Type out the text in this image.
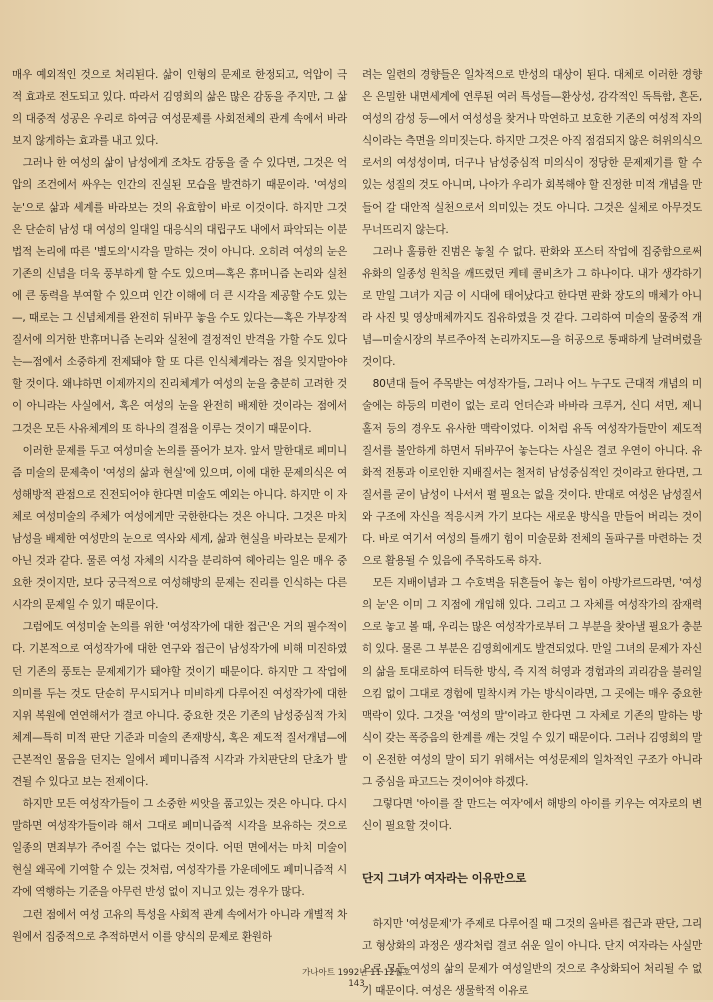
매우 예외적인 것으로 처리된다. 삶이 인형의 문제로 한정되고, 억압이 극적 효과로 전도되고 있다. 따라서 김영희의 삶은 많은 감동을 주지만, 그 삶의 대중적 성공은 우리로 하여금 여성문제를 사회전체의 관계 속에서 바라보지 않게하는 효과를 내고 있다.

그러나 한 여성의 삶이 남성에게 조차도 감동을 줄 수 있다면, 그것은 억압의 조건에서 싸우는 인간의 진실된 모습을 발견하기 때문이라. '여성의 눈'으로 삶과 세계를 바라보는 것의 유효함이 바로 이것이다. 하지만 그것은 단순히 남성 대 여성의 일대일 대응식의 대립구도 내에서 파악되는 이분법적 논리에 따른 '별도의'시각을 말하는 것이 아니다. 오히려 여성의 눈은 기존의 신념을 더욱 풍부하게 할 수도 있으며—혹은 휴머니즘 논리와 실천에 큰 동력을 부여할 수 있으며 인간 이해에 더 큰 시각을 제공할 수도 있는—, 때로는 그 신념체계를 완전히 뒤바꾸 놓을 수도 있다는—혹은 가부장적 질서에 의거한 반휴머니즘 논리와 실천에 결정적인 반격을 가할 수도 있다는—점에서 소중하게 전제돼야 할 또 다른 인식체계라는 점을 잊지말아야 할 것이다. 왜냐하면 이제까지의 진리체계가 여성의 눈을 충분히 고려한 것이 아니라는 사실에서, 혹은 여성의 눈을 완전히 배제한 것이라는 점에서 그것은 모든 사유체계의 또 하나의 결점을 이루는 것이기 때문이다.

이러한 문제를 두고 여성미술 논의를 풀어가 보자. 앞서 말한대로 페미니즘 미술의 문제축이 '여성의 삶과 현실'에 있으며, 이에 대한 문제의식은 여성해방적 관점으로 진전되어야 한다면 미술도 예외는 아니다. 하지만 이 자체로 여성미술의 주체가 여성에게만 국한한다는 것은 아니다. 그것은 마치 남성을 배제한 여성만의 눈으로 역사와 세계, 삶과 현실을 바라보는 문제가 아닌 것과 같다. 물론 여성 자체의 시각을 분리하여 헤아리는 일은 매우 중요한 것이지만, 보다 궁극적으로 여성해방의 문제는 진리를 인식하는 다른 시각의 문제일 수 있기 때문이다.

그럼에도 여성미술 논의를 위한 '여성작가에 대한 접근'은 거의 필수적이다. 기본적으로 여성작가에 대한 연구와 접근이 남성작가에 비해 미진하였던 기존의 풍토는 문제제기가 돼야할 것이기 때문이다. 하지만 그 작업에 의미를 두는 것도 단순히 무시되거나 미비하게 다루어진 여성작가에 대한 지위 복원에 연연해서가 결코 아니다. 중요한 것은 기존의 남성중심적 가치체계—특히 미적 판단 기준과 미술의 존재방식, 혹은 제도적 질서개념—에 근본적인 물음을 던지는 일에서 페미니즘적 시각과 가치판단의 단초가 발견될 수 있다고 보는 전제이다.

하지만 모든 여성작가들이 그 소중한 씨앗을 품고있는 것은 아니다. 다시 말하면 여성작가들이라 해서 그대로 페미니즘적 시각을 보유하는 것으로 일종의 면죄부가 주어질 수는 없다는 것이다. 어떤 면에서는 마치 미술이 현실 왜곡에 기여할 수 있는 것처럼, 여성작가를 가운데에도 페미니즘적 시각에 역행하는 기준을 아무런 반성 없이 지니고 있는 경우가 많다.

그런 점에서 여성 고유의 특성을 사회적 관계 속에서가 아니라 개별적 차원에서 집중적으로 추적하면서 이를 양식의 문제로 환원하

려는 일련의 경향들은 일차적으로 반성의 대상이 된다. 대체로 이러한 경향은 은밀한 내면세계에 연루된 여러 특성들—환상성, 감각적인 독특함, 흔돈, 여성의 감성 등—에서 여성성을 찾거나 막연하고 보호한 기존의 여성적 자의식이라는 측면을 의미짓는다. 하지만 그것은 아직 점검되지 않은 허위의식으로서의 여성성이며, 더구나 남성중심적 미의식이 정당한 문제제기를 할 수 있는 성질의 것도 아니며, 나아가 우리가 회복해야 할 진정한 미적 개념을 만들어 갈 대안적 실천으로서 의미있는 것도 아니다. 그것은 실체로 아무것도 무너뜨리지 않는다.

그러나 훌륭한 진범은 놓칠 수 없다. 판화와 포스터 작업에 집중함으로써 유화의 일종성 원칙을 깨뜨렸던 케테 콜비츠가 그 하나이다. 내가 생각하기로 만일 그녀가 지금 이 시대에 태어났다고 한다면 판화 장도의 매체가 아니라 사진 및 영상매체까지도 집유하였을 것 같다. 그리하여 미술의 물중적 개념—미술시장의 부르주아적 논리까지도—을 허공으로 통패하게 날려버렸을 것이다.

80년대 들어 주목받는 여성작가들, 그러나 어느 누구도 근대적 개념의 미술에는 하등의 미련이 없는 로리 언더슨과 바바라 크루거, 신디 셔먼, 제니 홀저 등의 경우도 유사한 맥락이었다. 이처럼 유독 여성작가들만이 제도적 질서를 불안하게 하면서 뒤바꾸어 놓는다는 사실은 결코 우연이 아니다. 유화적 전통과 이로인한 지배질서는 철저히 남성중심적인 것이라고 한다면, 그 질서를 굳이 남성이 나서서 펼 필요는 없을 것이다. 반대로 여성은 남성질서와 구조에 자신을 적응시켜 가기 보다는 새로운 방식을 만들어 버리는 것이다. 바로 여기서 여성의 틀깨기 힘이 미술문화 전체의 돌파구를 마련하는 것으로 활용될 수 있음에 주목하도록 하자.

모든 지배이념과 그 수호벽을 뒤흔들어 놓는 힘이 아방가르드라면, '여성의 눈'은 이미 그 지점에 개입해 있다. 그리고 그 자체를 여성작가의 잠재력으로 놓고 볼 때, 우리는 많은 여성작가로부터 그 부분을 찾아낼 필요가 충분히 있다. 물론 그 부분은 김영희에게도 발견되었다. 만일 그녀의 문제가 자신의 삶을 토대로하여 터득한 방식, 즉 지적 허영과 경험과의 괴리감을 불러일으킴 없이 그대로 경험에 밀착시켜 가는 방식이라면, 그 곳에는 매우 중요한 맥락이 있다. 그것을 '여성의 말'이라고 한다면 그 자체로 기존의 말하는 방식이 갖는 폭증음의 한계를 깨는 것일 수 있기 때문이다. 그러나 김영희의 말이 온전한 여성의 말이 되기 위해서는 여성문제의 일차적인 구조가 아니라 그 중심을 파고드는 것이어야 하겠다.

그렇다면 '아이를 잘 만드는 여자'에서 해방의 아이를 키우는 여자로의 변신이 필요할 것이다.

단지 그녀가 여자라는 이유만으로

하지만 '여성문제'가 주제로 다루어질 때 그것의 올바른 접근과 판단, 그리고 형상화의 과정은 생각처럼 결코 쉬운 일이 아니다. 단지 여자라는 사실만으로 모든 여성의 삶의 문제가 여성일반의 것으로 추상화되어 처리될 수 없기 때문이다. 여성은 생물학적 이유로

가나아트 1992년 11·12월호
143
